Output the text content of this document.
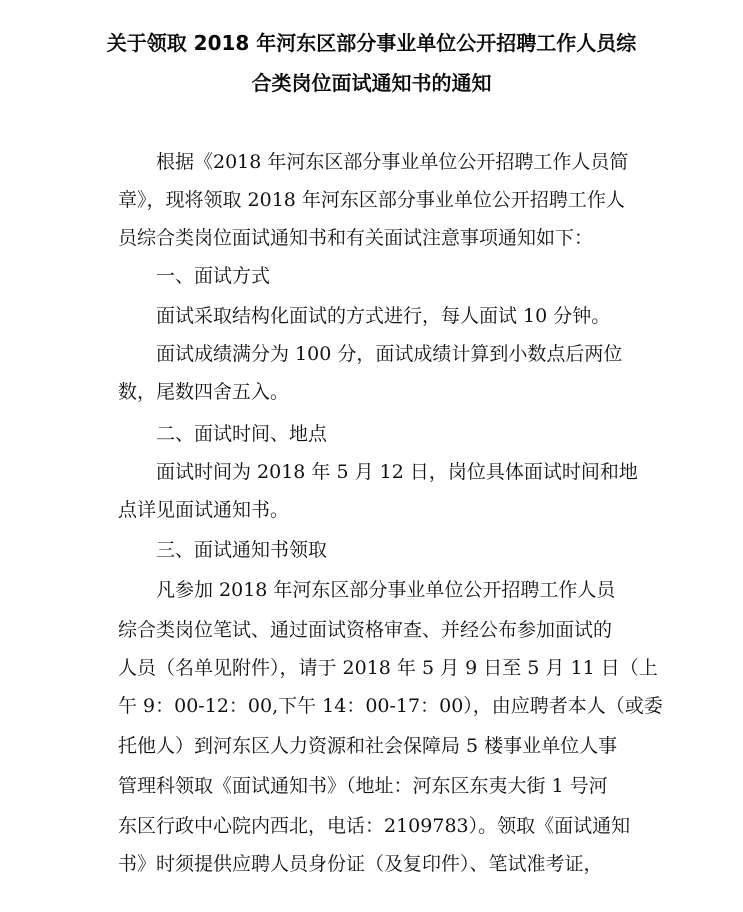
关于领取 2018 年河东区部分事业单位公开招聘工作人员综
合类岗位面试通知书的通知
根据《2018 年河东区部分事业单位公开招聘工作人员简
章》，现将领取 2018 年河东区部分事业单位公开招聘工作人
员综合类岗位面试通知书和有关面试注意事项通知如下：
一、面试方式
面试采取结构化面试的方式进行，每人面试 10 分钟。
面试成绩满分为 100 分，面试成绩计算到小数点后两位
数，尾数四舍五入。
二、面试时间、地点
面试时间为 2018 年 5 月 12 日，岗位具体面试时间和地
点详见面试通知书。
三、面试通知书领取
凡参加 2018 年河东区部分事业单位公开招聘工作人员
综合类岗位笔试、通过面试资格审查、并经公布参加面试的
人员（名单见附件），请于 2018 年 5 月 9 日至 5 月 11 日（上
午 9：00-12：00,下午 14：00-17：00），由应聘者本人（或委
托他人）到河东区人力资源和社会保障局 5 楼事业单位人事
管理科领取《面试通知书》（地址：河东区东夷大街 1 号河
东区行政中心院内西北，电话：2109783）。领取《面试通知
书》时须提供应聘人员身份证（及复印件）、笔试准考证，
